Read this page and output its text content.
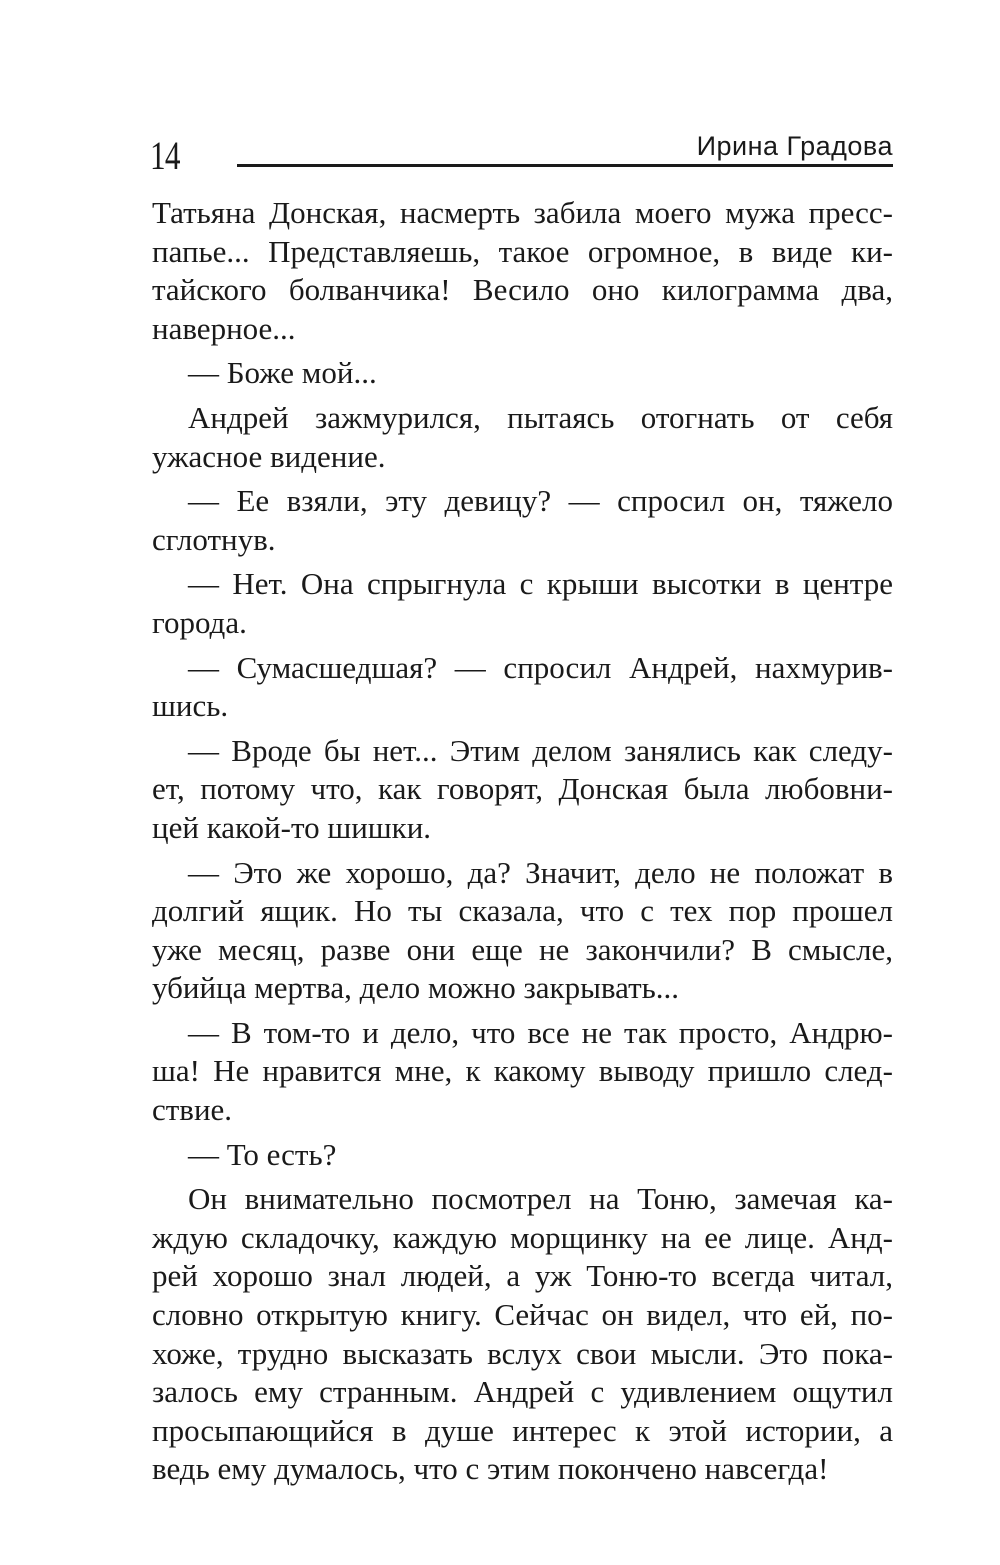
14	Ирина Градова
Татьяна Донская, насмерть забила моего мужа пресс-
папье... Представляешь, такое огромное, в виде ки-
тайского болванчика! Весило оно килограмма два,
наверное...
— Боже мой...
Андрей зажмурился, пытаясь отогнать от себя
ужасное видение.
— Ее взяли, эту девицу? — спросил он, тяжело
сглотнув.
— Нет. Она спрыгнула с крыши высотки в центре
города.
— Сумасшедшая? — спросил Андрей, нахмурив-
шись.
— Вроде бы нет... Этим делом занялись как следу-
ет, потому что, как говорят, Донская была любовни-
цей какой-то шишки.
— Это же хорошо, да? Значит, дело не положат в
долгий ящик. Но ты сказала, что с тех пор прошел
уже месяц, разве они еще не закончили? В смысле,
убийца мертва, дело можно закрывать...
— В том-то и дело, что все не так просто, Андрю-
ша! Не нравится мне, к какому выводу пришло след-
ствие.
— То есть?
Он внимательно посмотрел на Тоню, замечая ка-
ждую складочку, каждую морщинку на ее лице. Анд-
рей хорошо знал людей, а уж Тоню-то всегда читал,
словно открытую книгу. Сейчас он видел, что ей, по-
хоже, трудно высказать вслух свои мысли. Это пока-
залось ему странным. Андрей с удивлением ощутил
просыпающийся в душе интерес к этой истории, а
ведь ему думалось, что с этим покончено навсегда!
